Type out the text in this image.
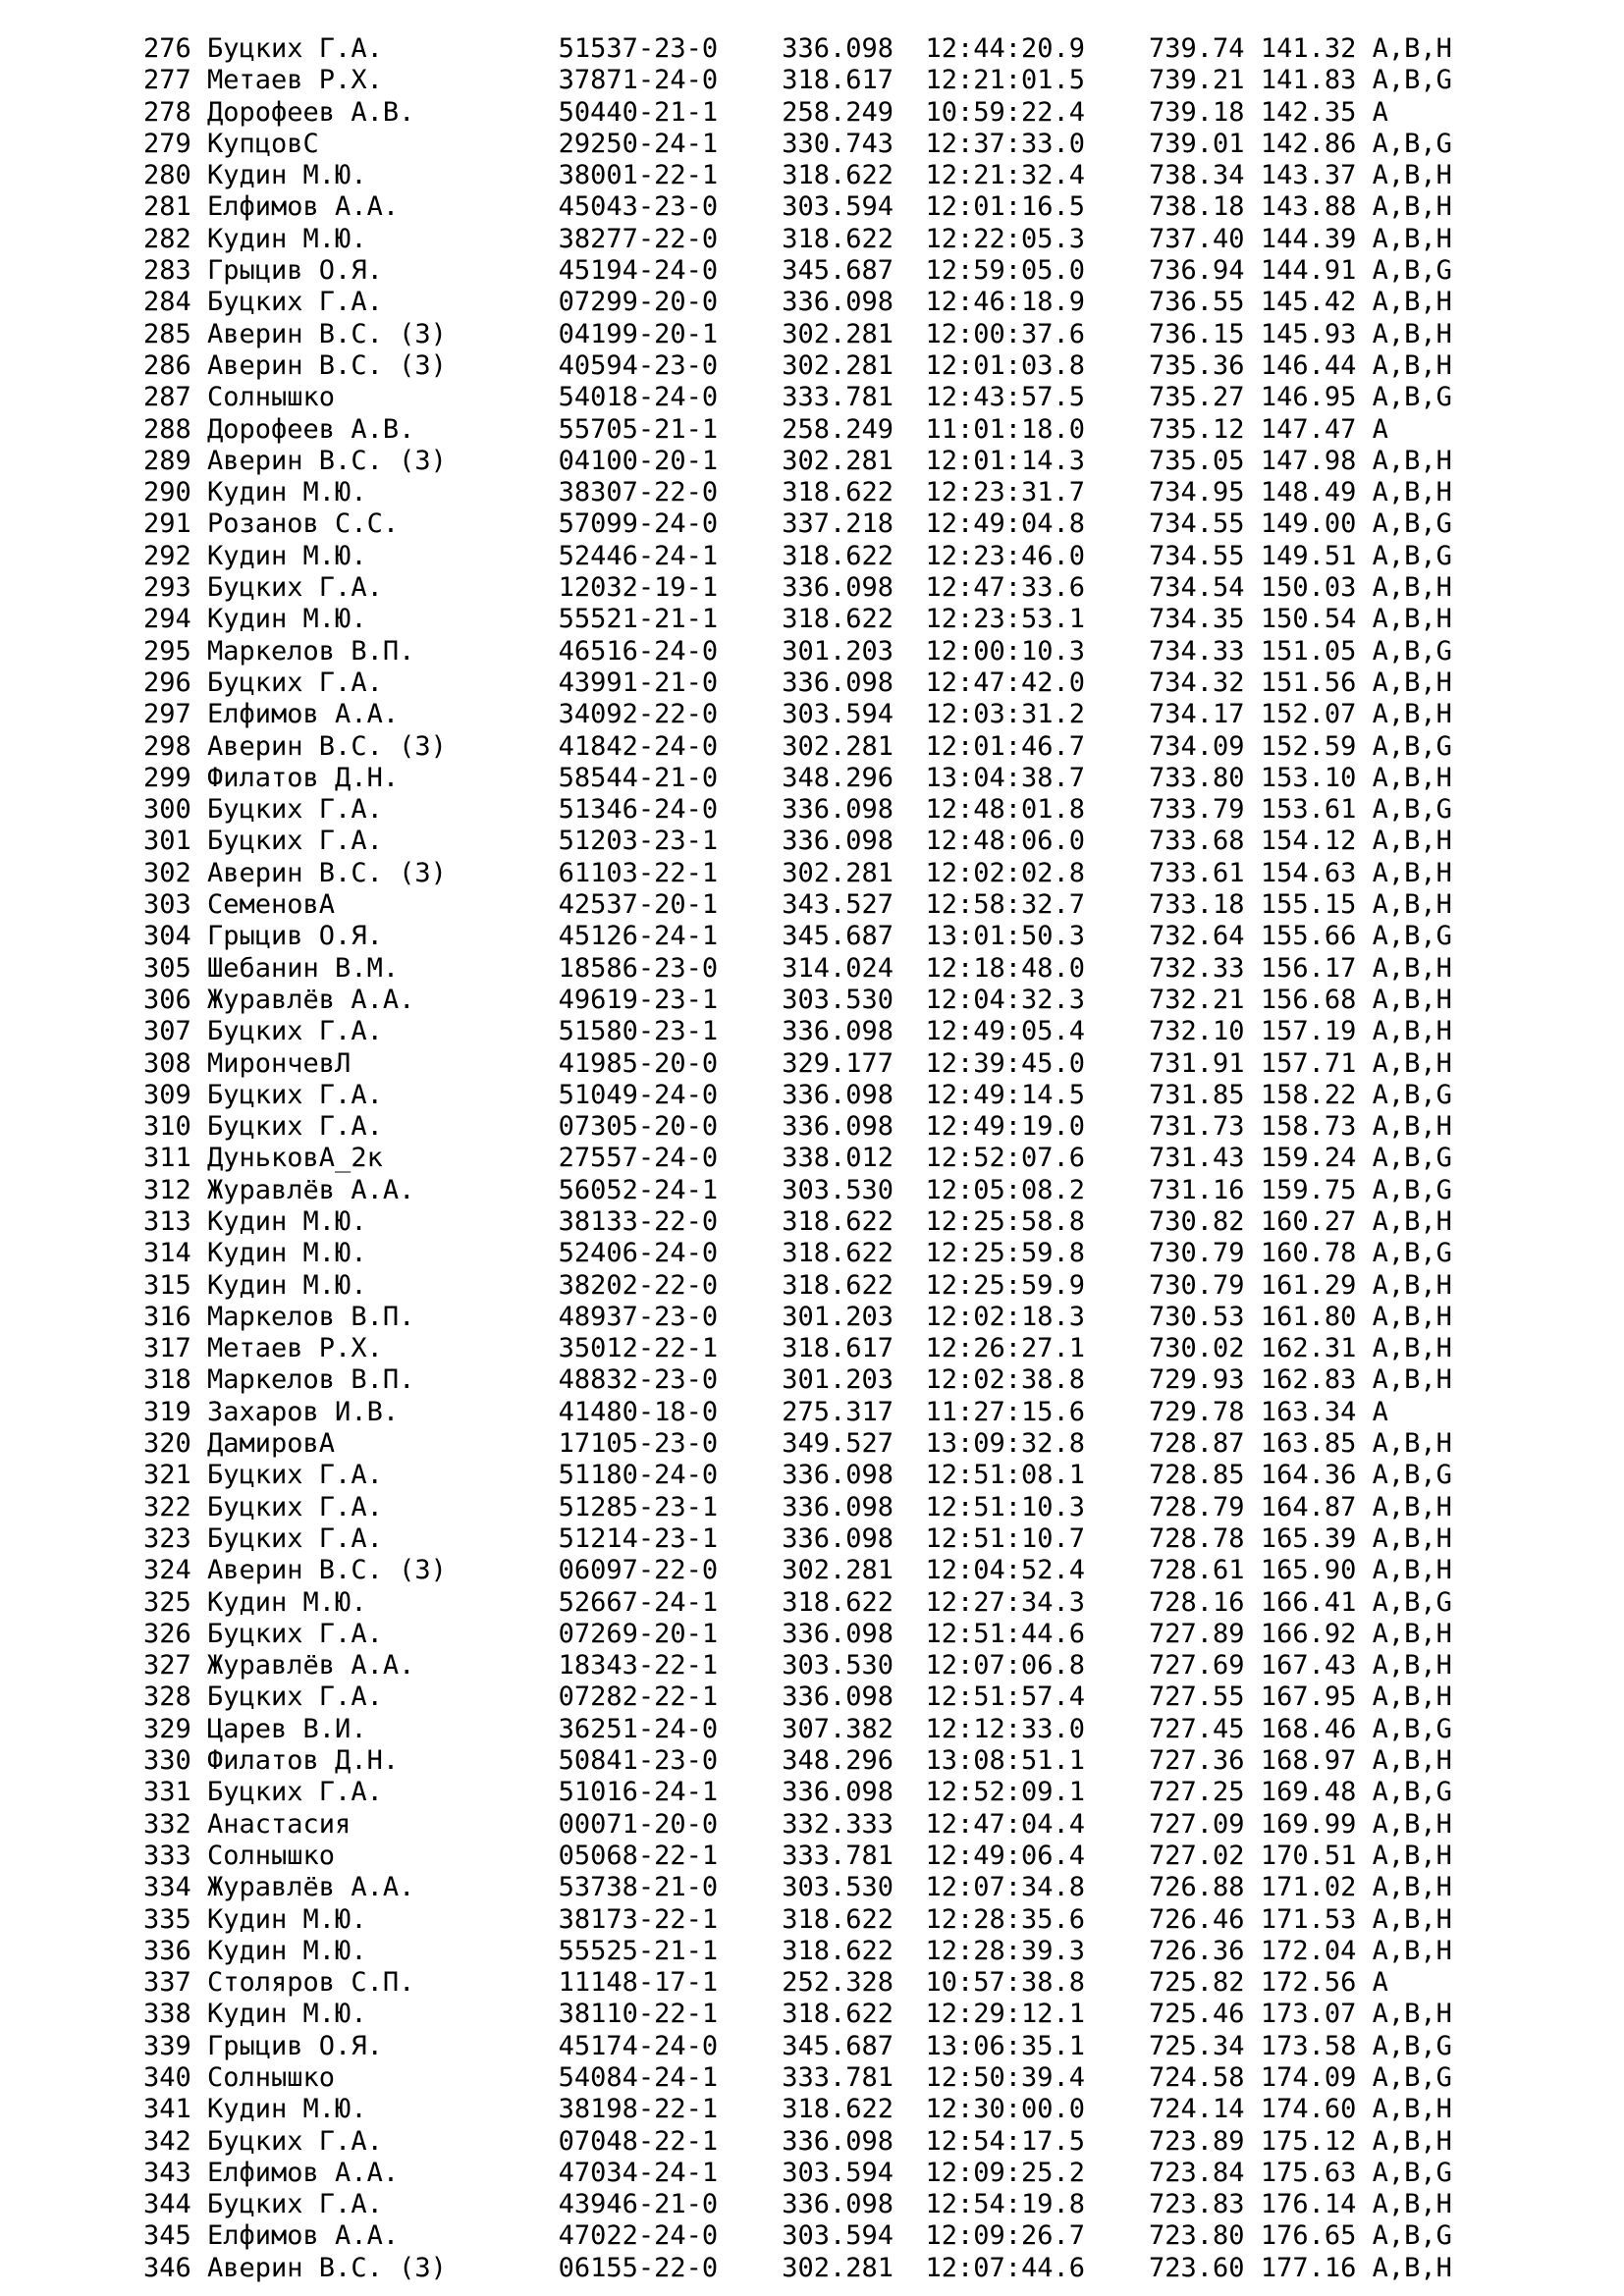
276 Буцких Г.А.	51537-23-0 336.098 12:44:20.9 739.74 141.32 A,B,H
277 Метаев Р.Х.	37871-24-0 318.617 12:21:01.5 739.21 141.83 A,B,G
278 Дорофеев А.В.	50440-21-1 258.249 10:59:22.4 739.18 142.35 A
279 КупцовС	29250-24-1 330.743 12:37:33.0 739.01 142.86 A,B,G
280 Кудин М.Ю.	38001-22-1 318.622 12:21:32.4 738.34 143.37 A,B,H
281 Елфимов А.А.	45043-23-0 303.594 12:01:16.5 738.18 143.88 A,B,H
282 Кудин М.Ю.	38277-22-0 318.622 12:22:05.3 737.40 144.39 A,B,H
283 Грыцив О.Я.	45194-24-0 345.687 12:59:05.0 736.94 144.91 A,B,G
284 Буцких Г.А.	07299-20-0 336.098 12:46:18.9 736.55 145.42 A,B,H
285 Аверин В.С. (З)	04199-20-1 302.281 12:00:37.6 736.15 145.93 A,B,H
286 Аверин В.С. (З)	40594-23-0 302.281 12:01:03.8 735.36 146.44 A,B,H
287 Солнышко	54018-24-0 333.781 12:43:57.5 735.27 146.95 A,B,G
288 Дорофеев А.В.	55705-21-1 258.249 11:01:18.0 735.12 147.47 A
289 Аверин В.С. (З)	04100-20-1 302.281 12:01:14.3 735.05 147.98 A,B,H
290 Кудин М.Ю.	38307-22-0 318.622 12:23:31.7 734.95 148.49 A,B,H
291 Розанов С.С.	57099-24-0 337.218 12:49:04.8 734.55 149.00 A,B,G
292 Кудин М.Ю.	52446-24-1 318.622 12:23:46.0 734.55 149.51 A,B,G
293 Буцких Г.А.	12032-19-1 336.098 12:47:33.6 734.54 150.03 A,B,H
294 Кудин М.Ю.	55521-21-1 318.622 12:23:53.1 734.35 150.54 A,B,H
295 Маркелов В.П.	46516-24-0 301.203 12:00:10.3 734.33 151.05 A,B,G
296 Буцких Г.А.	43991-21-0 336.098 12:47:42.0 734.32 151.56 A,B,H
297 Елфимов А.А.	34092-22-0 303.594 12:03:31.2 734.17 152.07 A,B,H
298 Аверин В.С. (З)	41842-24-0 302.281 12:01:46.7 734.09 152.59 A,B,G
299 Филатов Д.Н.	58544-21-0 348.296 13:04:38.7 733.80 153.10 A,B,H
300 Буцких Г.А.	51346-24-0 336.098 12:48:01.8 733.79 153.61 A,B,G
301 Буцких Г.А.	51203-23-1 336.098 12:48:06.0 733.68 154.12 A,B,H
302 Аверин В.С. (З)	61103-22-1 302.281 12:02:02.8 733.61 154.63 A,B,H
303 СеменовА	42537-20-1 343.527 12:58:32.7 733.18 155.15 A,B,H
304 Грыцив О.Я.	45126-24-1 345.687 13:01:50.3 732.64 155.66 A,B,G
305 Шебанин В.М.	18586-23-0 314.024 12:18:48.0 732.33 156.17 A,B,H
306 Журавлёв А.А.	49619-23-1 303.530 12:04:32.3 732.21 156.68 A,B,H
307 Буцких Г.А.	51580-23-1 336.098 12:49:05.4 732.10 157.19 A,B,H
308 МирончевЛ	41985-20-0 329.177 12:39:45.0 731.91 157.71 A,B,H
309 Буцких Г.А.	51049-24-0 336.098 12:49:14.5 731.85 158.22 A,B,G
310 Буцких Г.А.	07305-20-0 336.098 12:49:19.0 731.73 158.73 A,B,H
311 ДуньковА_2к	27557-24-0 338.012 12:52:07.6 731.43 159.24 A,B,G
312 Журавлёв А.А.	56052-24-1 303.530 12:05:08.2 731.16 159.75 A,B,G
313 Кудин М.Ю.	38133-22-0 318.622 12:25:58.8 730.82 160.27 A,B,H
314 Кудин М.Ю.	52406-24-0 318.622 12:25:59.8 730.79 160.78 A,B,G
315 Кудин М.Ю.	38202-22-0 318.622 12:25:59.9 730.79 161.29 A,B,H
316 Маркелов В.П.	48937-23-0 301.203 12:02:18.3 730.53 161.80 A,B,H
317 Метаев Р.Х.	35012-22-1 318.617 12:26:27.1 730.02 162.31 A,B,H
318 Маркелов В.П.	48832-23-0 301.203 12:02:38.8 729.93 162.83 A,B,H
319 Захаров И.В.	41480-18-0 275.317 11:27:15.6 729.78 163.34 A
320 ДамировА	17105-23-0 349.527 13:09:32.8 728.87 163.85 A,B,H
321 Буцких Г.А.	51180-24-0 336.098 12:51:08.1 728.85 164.36 A,B,G
322 Буцких Г.А.	51285-23-1 336.098 12:51:10.3 728.79 164.87 A,B,H
323 Буцких Г.А.	51214-23-1 336.098 12:51:10.7 728.78 165.39 A,B,H
324 Аверин В.С. (З)	06097-22-0 302.281 12:04:52.4 728.61 165.90 A,B,H
325 Кудин М.Ю.	52667-24-1 318.622 12:27:34.3 728.16 166.41 A,B,G
326 Буцких Г.А.	07269-20-1 336.098 12:51:44.6 727.89 166.92 A,B,H
327 Журавлёв А.А.	18343-22-1 303.530 12:07:06.8 727.69 167.43 A,B,H
328 Буцких Г.А.	07282-22-1 336.098 12:51:57.4 727.55 167.95 A,B,H
329 Царев В.И.	36251-24-0 307.382 12:12:33.0 727.45 168.46 A,B,G
330 Филатов Д.Н.	50841-23-0 348.296 13:08:51.1 727.36 168.97 A,B,H
331 Буцких Г.А.	51016-24-1 336.098 12:52:09.1 727.25 169.48 A,B,G
332 Анастасия	00071-20-0 332.333 12:47:04.4 727.09 169.99 A,B,H
333 Солнышко	05068-22-1 333.781 12:49:06.4 727.02 170.51 A,B,H
334 Журавлёв А.А.	53738-21-0 303.530 12:07:34.8 726.88 171.02 A,B,H
335 Кудин М.Ю.	38173-22-1 318.622 12:28:35.6 726.46 171.53 A,B,H
336 Кудин М.Ю.	55525-21-1 318.622 12:28:39.3 726.36 172.04 A,B,H
337 Столяров С.П.	11148-17-1 252.328 10:57:38.8 725.82 172.56 A
338 Кудин М.Ю.	38110-22-1 318.622 12:29:12.1 725.46 173.07 A,B,H
339 Грыцив О.Я.	45174-24-0 345.687 13:06:35.1 725.34 173.58 A,B,G
340 Солнышко	54084-24-1 333.781 12:50:39.4 724.58 174.09 A,B,G
341 Кудин М.Ю.	38198-22-1 318.622 12:30:00.0 724.14 174.60 A,B,H
342 Буцких Г.А.	07048-22-1 336.098 12:54:17.5 723.89 175.12 A,B,H
343 Елфимов А.А.	47034-24-1 303.594 12:09:25.2 723.84 175.63 A,B,G
344 Буцких Г.А.	43946-21-0 336.098 12:54:19.8 723.83 176.14 A,B,H
345 Елфимов А.А.	47022-24-0 303.594 12:09:26.7 723.80 176.65 A,B,G
346 Аверин В.С. (З)	06155-22-0 302.281 12:07:44.6 723.60 177.16 A,B,H
